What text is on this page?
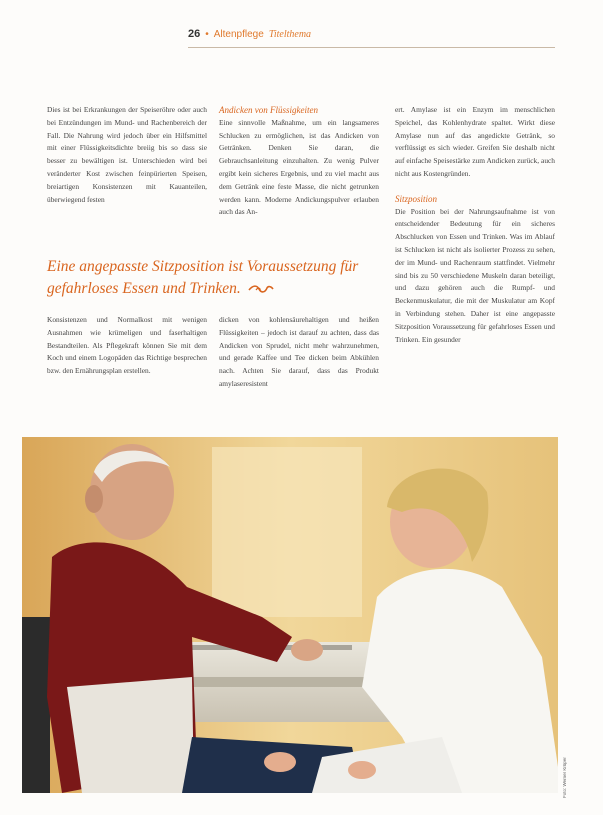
26 • Altenpflege Titelthema

Dies ist bei Erkrankungen der Speiseröhre oder auch bei Entzündungen im Mund- und Rachenbereich der Fall. Die Nahrung wird jedoch über ein Hilfsmittel mit einer Flüssigkeitsdichte breiig bis so dass sie besser zu bewältigen ist. Unterschieden wird bei veränderter Kost zwischen feinpürierten Speisen, breiartigen Konsistenzen mit Kauanteilen, überwiegend festen

Andicken von Flüssigkeiten

Eine sinnvolle Maßnahme, um ein langsameres Schlucken zu ermöglichen, ist das Andicken von Getränken. Denken Sie daran, die Gebrauchsanleitung einzuhalten. Zu wenig Pulver ergibt kein sicheres Ergebnis, und zu viel macht aus dem Getränk eine feste Masse, die nicht getrunken werden kann. Moderne Andickungspulver erlauben auch das An-

ert. Amylase ist ein Enzym im menschlichen Speichel, das Kohlenhydrate spaltet. Wirkt diese Amylase nun auf das angedickte Getränk, so verflüssigt es sich wieder. Greifen Sie deshalb nicht auf einfache Speisestärke zum Andicken zurück, auch nicht aus Kostengründen.

Sitzposition

Die Position bei der Nahrungsaufnahme ist von entscheidender Bedeutung für ein sicheres Abschlucken von Essen und Trinken. Was im Ablauf ist Schlucken ist nicht als isolierter Prozess zu sehen, der im Mund- und Rachenraum stattfindet. Vielmehr sind bis zu 50 verschiedene Muskeln daran beteiligt, und dazu gehören auch die Rumpf- und Beckenmuskulatur, die mit der Muskulatur am Kopf in Verbindung stehen. Daher ist eine angepasste Sitzposition Voraussetzung für gefahrloses Essen und Trinken. Ein gesunder

Eine angepasste Sitzposition ist Voraussetzung für gefahrloses Essen und Trinken.

Konsistenzen und Normalkost mit wenigen Ausnahmen wie krümeligen und faserhaltigen Bestandteilen. Als Pflegekraft können Sie mit dem Koch und einem Logopäden das Richtige besprechen bzw. den Ernährungsplan erstellen.

dicken von kohlensäurehaltigen und heißen Flüssigkeiten – jedoch ist darauf zu achten, dass das Andicken von Sprudel, nicht mehr wahrzunehmen, und gerade Kaffee und Tee dicken beim Abkühlen nach. Achten Sie darauf, dass das Produkt amylaseresistent

Foto: Werner Krüper
